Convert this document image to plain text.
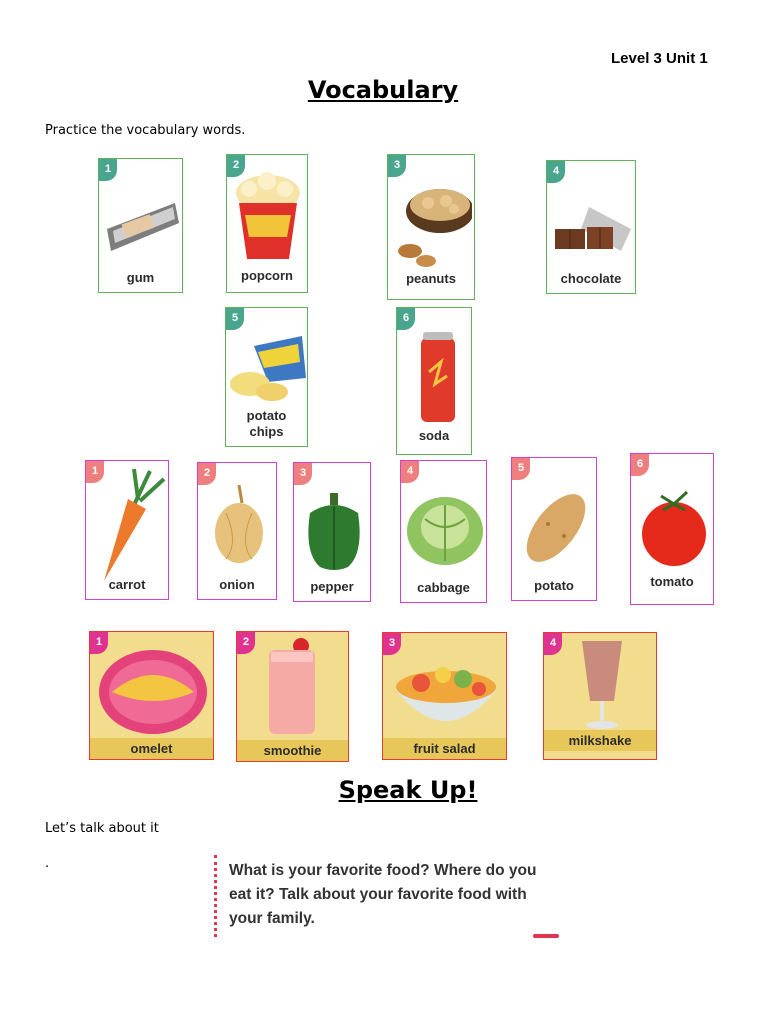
Level 3 Unit 1
Vocabulary
Practice the vocabulary words.
1
gum
2
popcorn
3
peanuts
4
chocolate
5
potato
chips
6
soda
1
carrot
2
onion
3
pepper
4
cabbage
5
potato
6
tomato
1
omelet
2
smoothie
3
fruit salad
4
milkshake
Speak Up!
Let’s talk about it
.	What is your favorite food? Where do you eat it? Talk about your favorite food with your family.
